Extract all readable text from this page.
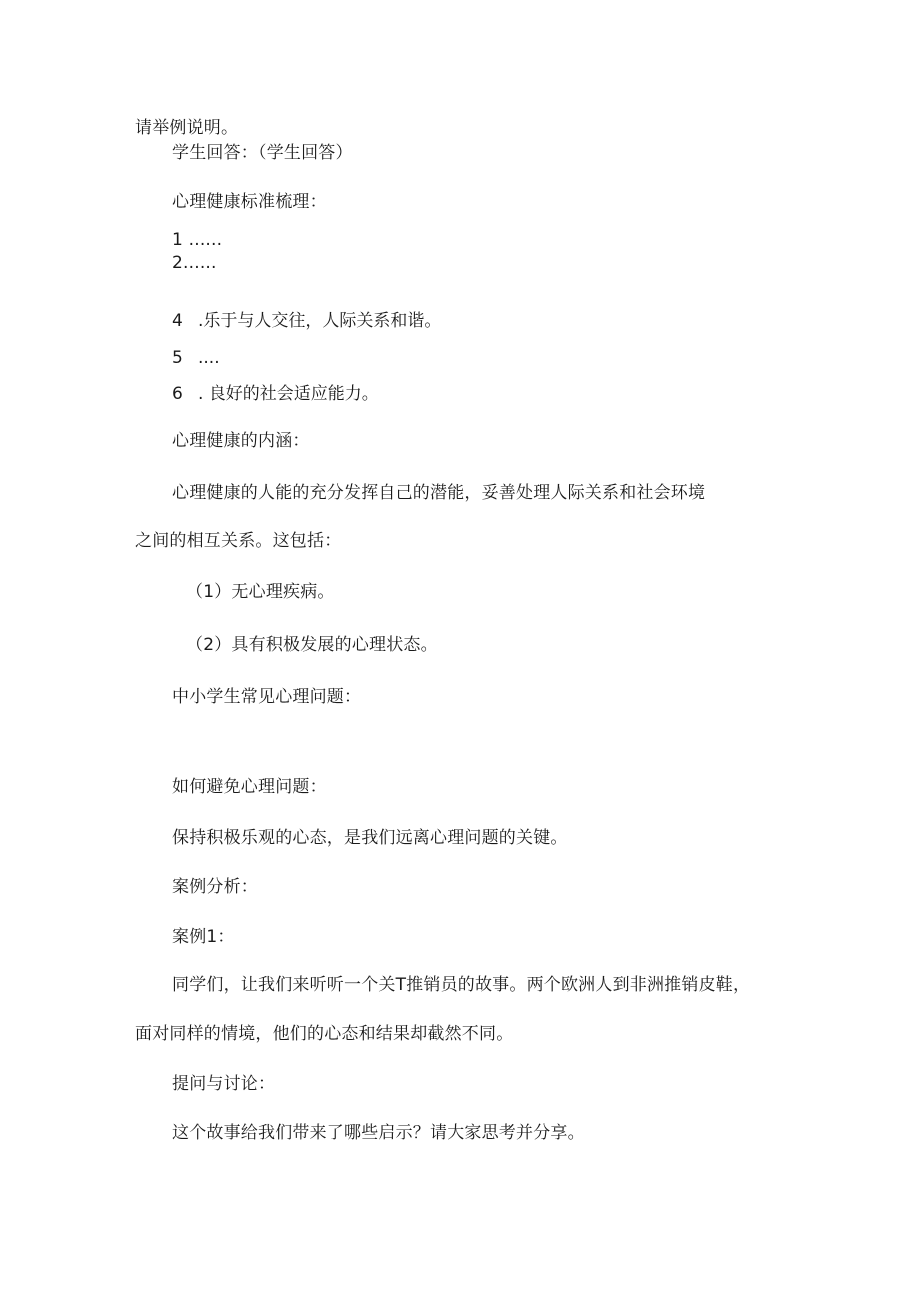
请举例说明。
学生回答：（学生回答）
心理健康标准梳理：
1 ......
2......
4 .乐于与人交往，人际关系和谐。
5 ....
6 . 良好的社会适应能力。
心理健康的内涵：
心理健康的人能的充分发挥自己的潜能，妥善处理人际关系和社会环境
之间的相互关系。这包括：
（1）无心理疾病。
（2）具有积极发展的心理状态。
中小学生常见心理问题：
如何避免心理问题：
保持积极乐观的心态，是我们远离心理问题的关键。
案例分析：
案例1：
同学们，让我们来听听一个关T推销员的故事。两个欧洲人到非洲推销皮鞋，
面对同样的情境，他们的心态和结果却截然不同。
提问与讨论：
这个故事给我们带来了哪些启示？请大家思考并分享。
